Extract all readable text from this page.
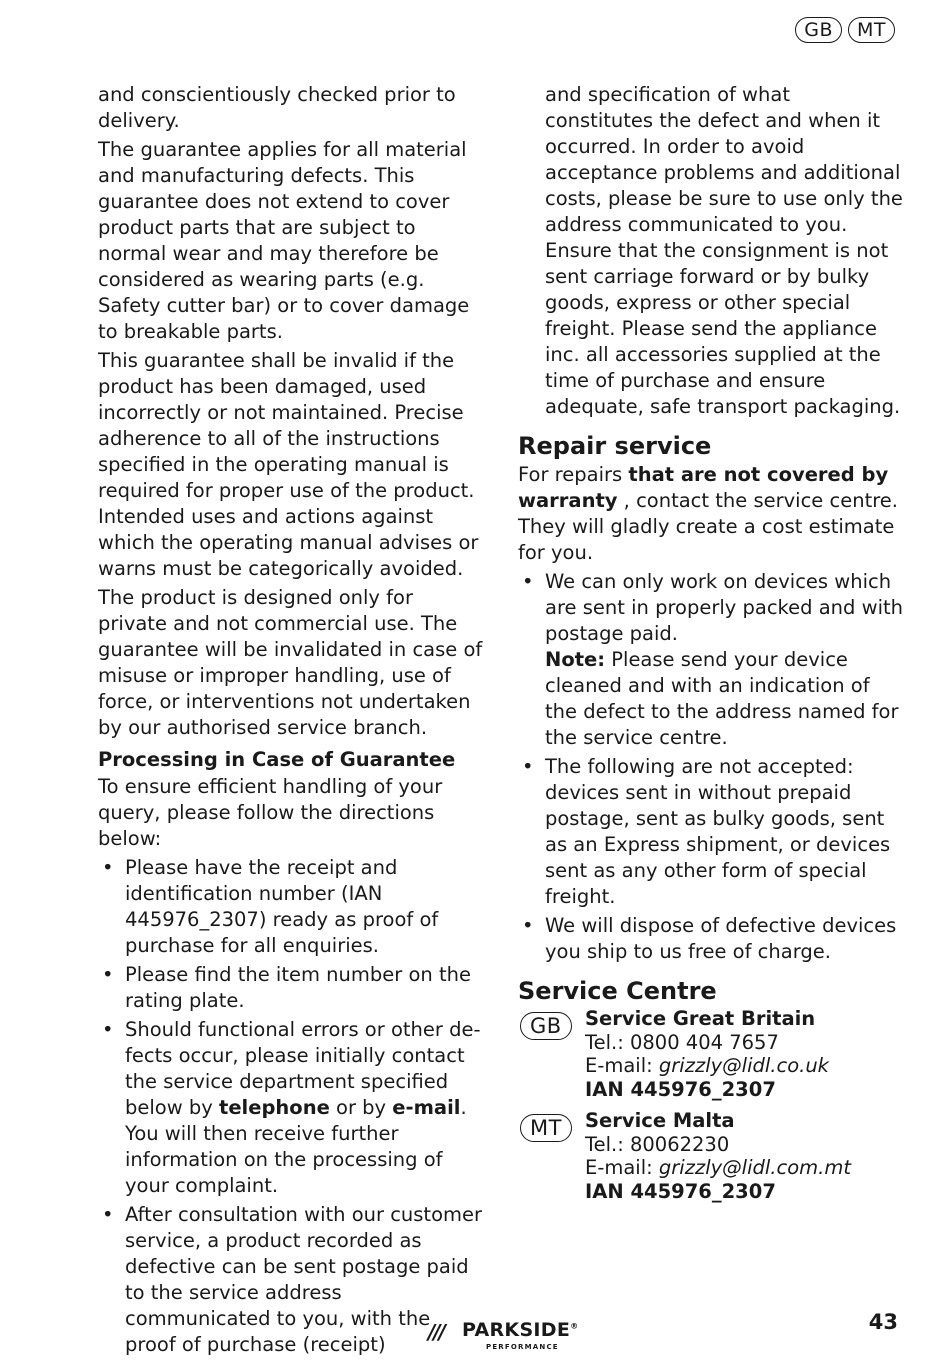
GB	MT

and conscientiously checked prior to delivery.

The guarantee applies for all material and manufacturing defects. This guarantee does not extend to cover product parts that are subject to normal wear and may therefore be considered as wearing parts (e.g. Safety cutter bar) or to cover damage to breakable parts.

This guarantee shall be invalid if the product has been damaged, used incorrectly or not maintained. Precise adherence to all of the instructions specified in the operating manual is required for proper use of the product. Intended uses and actions against which the operating manual advises or warns must be categorically avoided.

The product is designed only for private and not commercial use. The guarantee will be invalidated in case of misuse or improper handling, use of force, or interventions not undertaken by our authorised service branch.

Processing in Case of Guarantee

To ensure efficient handling of your query, please follow the directions below:

• Please have the receipt and identification number (IAN 445976_2307) ready as proof of purchase for all enquiries.
• Please find the item number on the rating plate.
• Should functional errors or other defects occur, please initially contact the service department specified below by telephone or by e-mail. You will then receive further information on the processing of your complaint.
• After consultation with our customer service, a product recorded as defective can be sent postage paid to the service address communicated to you, with the proof of purchase (receipt)

and specification of what constitutes the defect and when it occurred. In order to avoid acceptance problems and additional costs, please be sure to use only the address communicated to you. Ensure that the consignment is not sent carriage forward or by bulky goods, express or other special freight. Please send the appliance inc. all accessories supplied at the time of purchase and ensure adequate, safe transport packaging.

Repair service

For repairs that are not covered by warranty , contact the service centre. They will gladly create a cost estimate for you.

• We can only work on devices which are sent in properly packed and with postage paid.
Note: Please send your device cleaned and with an indication of the defect to the address named for the service centre.
• The following are not accepted: devices sent in without prepaid postage, sent as bulky goods, sent as an Express shipment, or devices sent as any other form of special freight.
• We will dispose of defective devices you ship to us free of charge.
Service Centre
GB	Service Great Britain
Tel.: 0800 404 7657
E-mail: grizzly@lidl.co.uk
IAN 445976_2307
MT	Service Malta
Tel.: 80062230
E-mail: grizzly@lidl.com.mt
IAN 445976_2307
/// PARKSIDE®
PERFORMANCE
43
